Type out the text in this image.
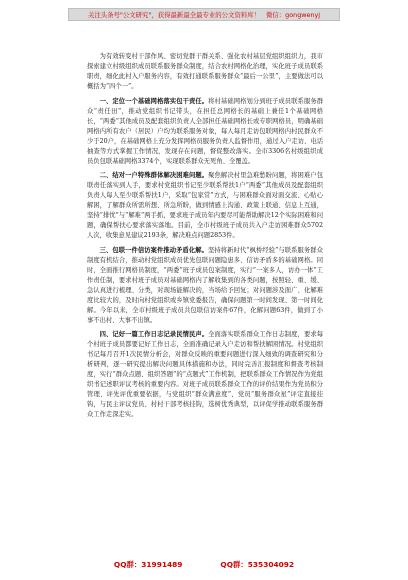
关注头条号"公文研究"，获得最新最全最专业的公文资料库！ 微信：gongwenyj

为有效转变村干部作风、密切党群干群关系、强化农村基层党组织组织力，我市探索建立村级组织成员联系服务群众制度，结合农村网格化治理，实化班子成员联系职责，细化此村入户服务内容，有效打通联系服务群众“最后一公里”，主要做法可以概括为“四个一”。

一、定位一个基础网格落实包干责任。将村基础网格划分到班子成员联系服务群众“责任田”，推动党组织书记带头，在担任总网格长的基础上兼任1个基础网格长，“两委”其他成员及配套组织负责人全部担任基础网格长或专职网格员，明确基础网格内所有农户（居民）户均为联系服务对象，每人每月走访包联网格内村民群众不少于20户，在基础网格上充分发挥网格员服务负责人监督作用，通过入户走访、电话抽查等方式掌握工作情况，发现存在问题，督促整改落实。全市3306名村级组织成员负包联基础网格3374个，实现联系群众无死角、全覆盖。

二、结对一户特殊群体解决困难问题。聚焦解决村里急难愁盼问题，将困难户包联责任落实到人手，要求村党组织书记至少联系帮扶1户“两委”其他成员及配套组织负责人每人至少联系帮扶1户，采取“包家常”方式，与困难群众面对面交流、心贴心解困，了解群众所需所想、所急所盼，做到情感上沟通、政策上联通、信息上互通，坚持“排忧”与“解难”两手抓，要求班子成员年内要尽可能帮助解决12个实际困难和问题，确保帮扶心要求落实落地。目前，全市村级班子成员共入户走访困难群众5702人次，收集意见建议2193条，解决难点问题2853件。

三、包联一件信访案件推动矛盾化解。坚持将新时代“枫桥经验”与联系服务群众制度有机结合，推动村党组织成员优先包联问题隐患多、信访矛盾多的基础网格。同时，全面推行网格员制度，“两委”班子成员包案制度，实行“一案多人，访办一体”工作责任制，要求村班子成员对基础网格内了解收集到的各类问题，按照轻、重、缓、急认真进行梳理、分类，对现场能解决的，当场给予回复；对问题涉及面广、化解难度比较大的，及时向村党组织或乡镇党委报告，确保问题第一时间发现、第一时间化解。今年以来，全市村级班子成员共包联信访案件67件，化解问题63件，做到了小事不出村、大事不出镇。

四、记好一篇工作日志记录民情民声。全面落实联系群众工作日志制度，要求每个村班子成员都要记好工作日志，全面准确记录入户走访和帮扶解困情况。村党组织书记每月召开1次民情分析会，对群众反映的重要问题进行深入细致的调查研究和分析研判，逐一研究提出解决问题具体措施和办法，同时完善汇报制度和督查考核制度，实行“群众点题、组织答题”的“点题式”工作机制，把联系群众工作情况作为党组织书记述职评议考核的重要内容。对班子成员联系群众工作的评价结果作为党员积分管理、评先评优重要依据，与党组织“群众满意度”、党员“服务群众星”评定直接挂钩，与民主评议党员、村村干部考核挂钩，选树优秀典型，以评促学推动联系服务群众工作走深走实。

QQ群：31991489	QQ群：535304092
